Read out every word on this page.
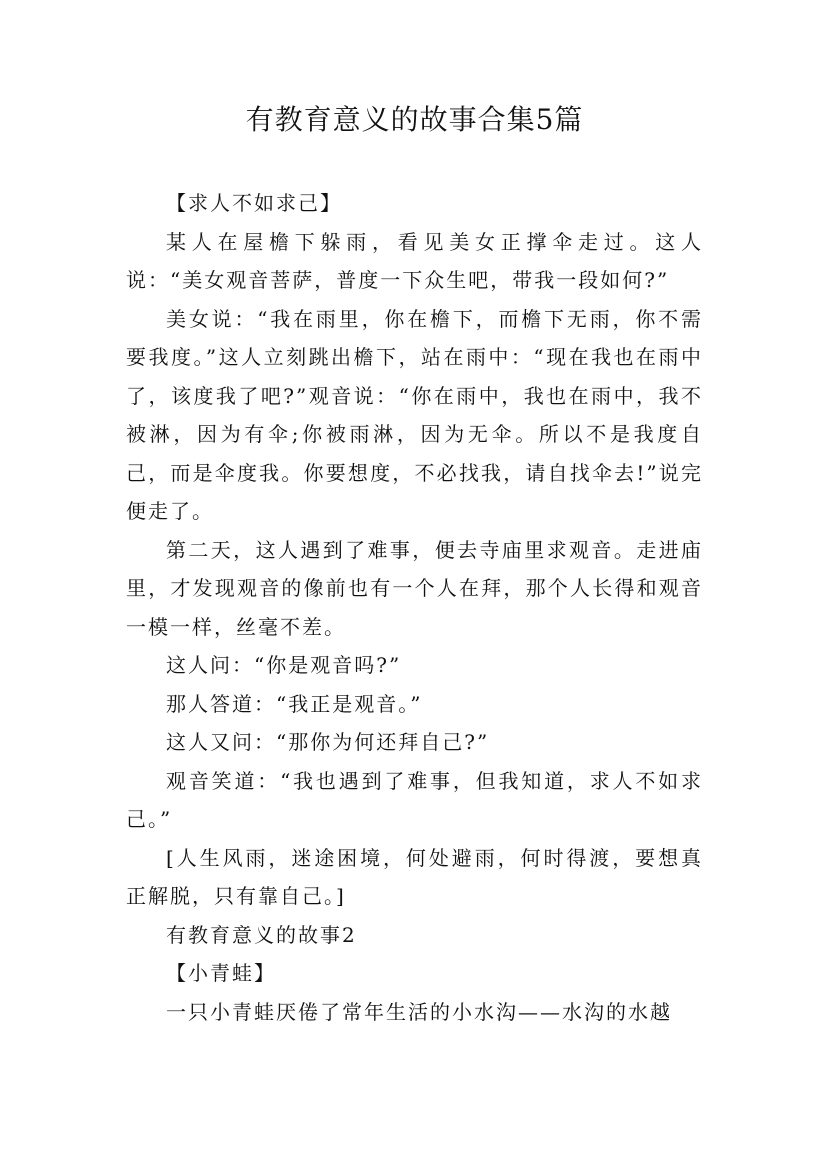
有教育意义的故事合集5篇

【求人不如求己】

某人在屋檐下躲雨，看见美女正撑伞走过。这人说：“美女观音菩萨，普度一下众生吧，带我一段如何?”

美女说：“我在雨里，你在檐下，而檐下无雨，你不需要我度。”这人立刻跳出檐下，站在雨中：“现在我也在雨中了，该度我了吧?”观音说：“你在雨中，我也在雨中，我不被淋，因为有伞;你被雨淋，因为无伞。所以不是我度自己，而是伞度我。你要想度，不必找我，请自找伞去!”说完便走了。

第二天，这人遇到了难事，便去寺庙里求观音。走进庙里，才发现观音的像前也有一个人在拜，那个人长得和观音一模一样，丝毫不差。

这人问：“你是观音吗?”

那人答道：“我正是观音。”

这人又问：“那你为何还拜自己?”

观音笑道：“我也遇到了难事，但我知道，求人不如求己。”

[人生风雨，迷途困境，何处避雨，何时得渡，要想真正解脱，只有靠自己。]

有教育意义的故事2

【小青蛙】

一只小青蛙厌倦了常年生活的小水沟——水沟的水越
